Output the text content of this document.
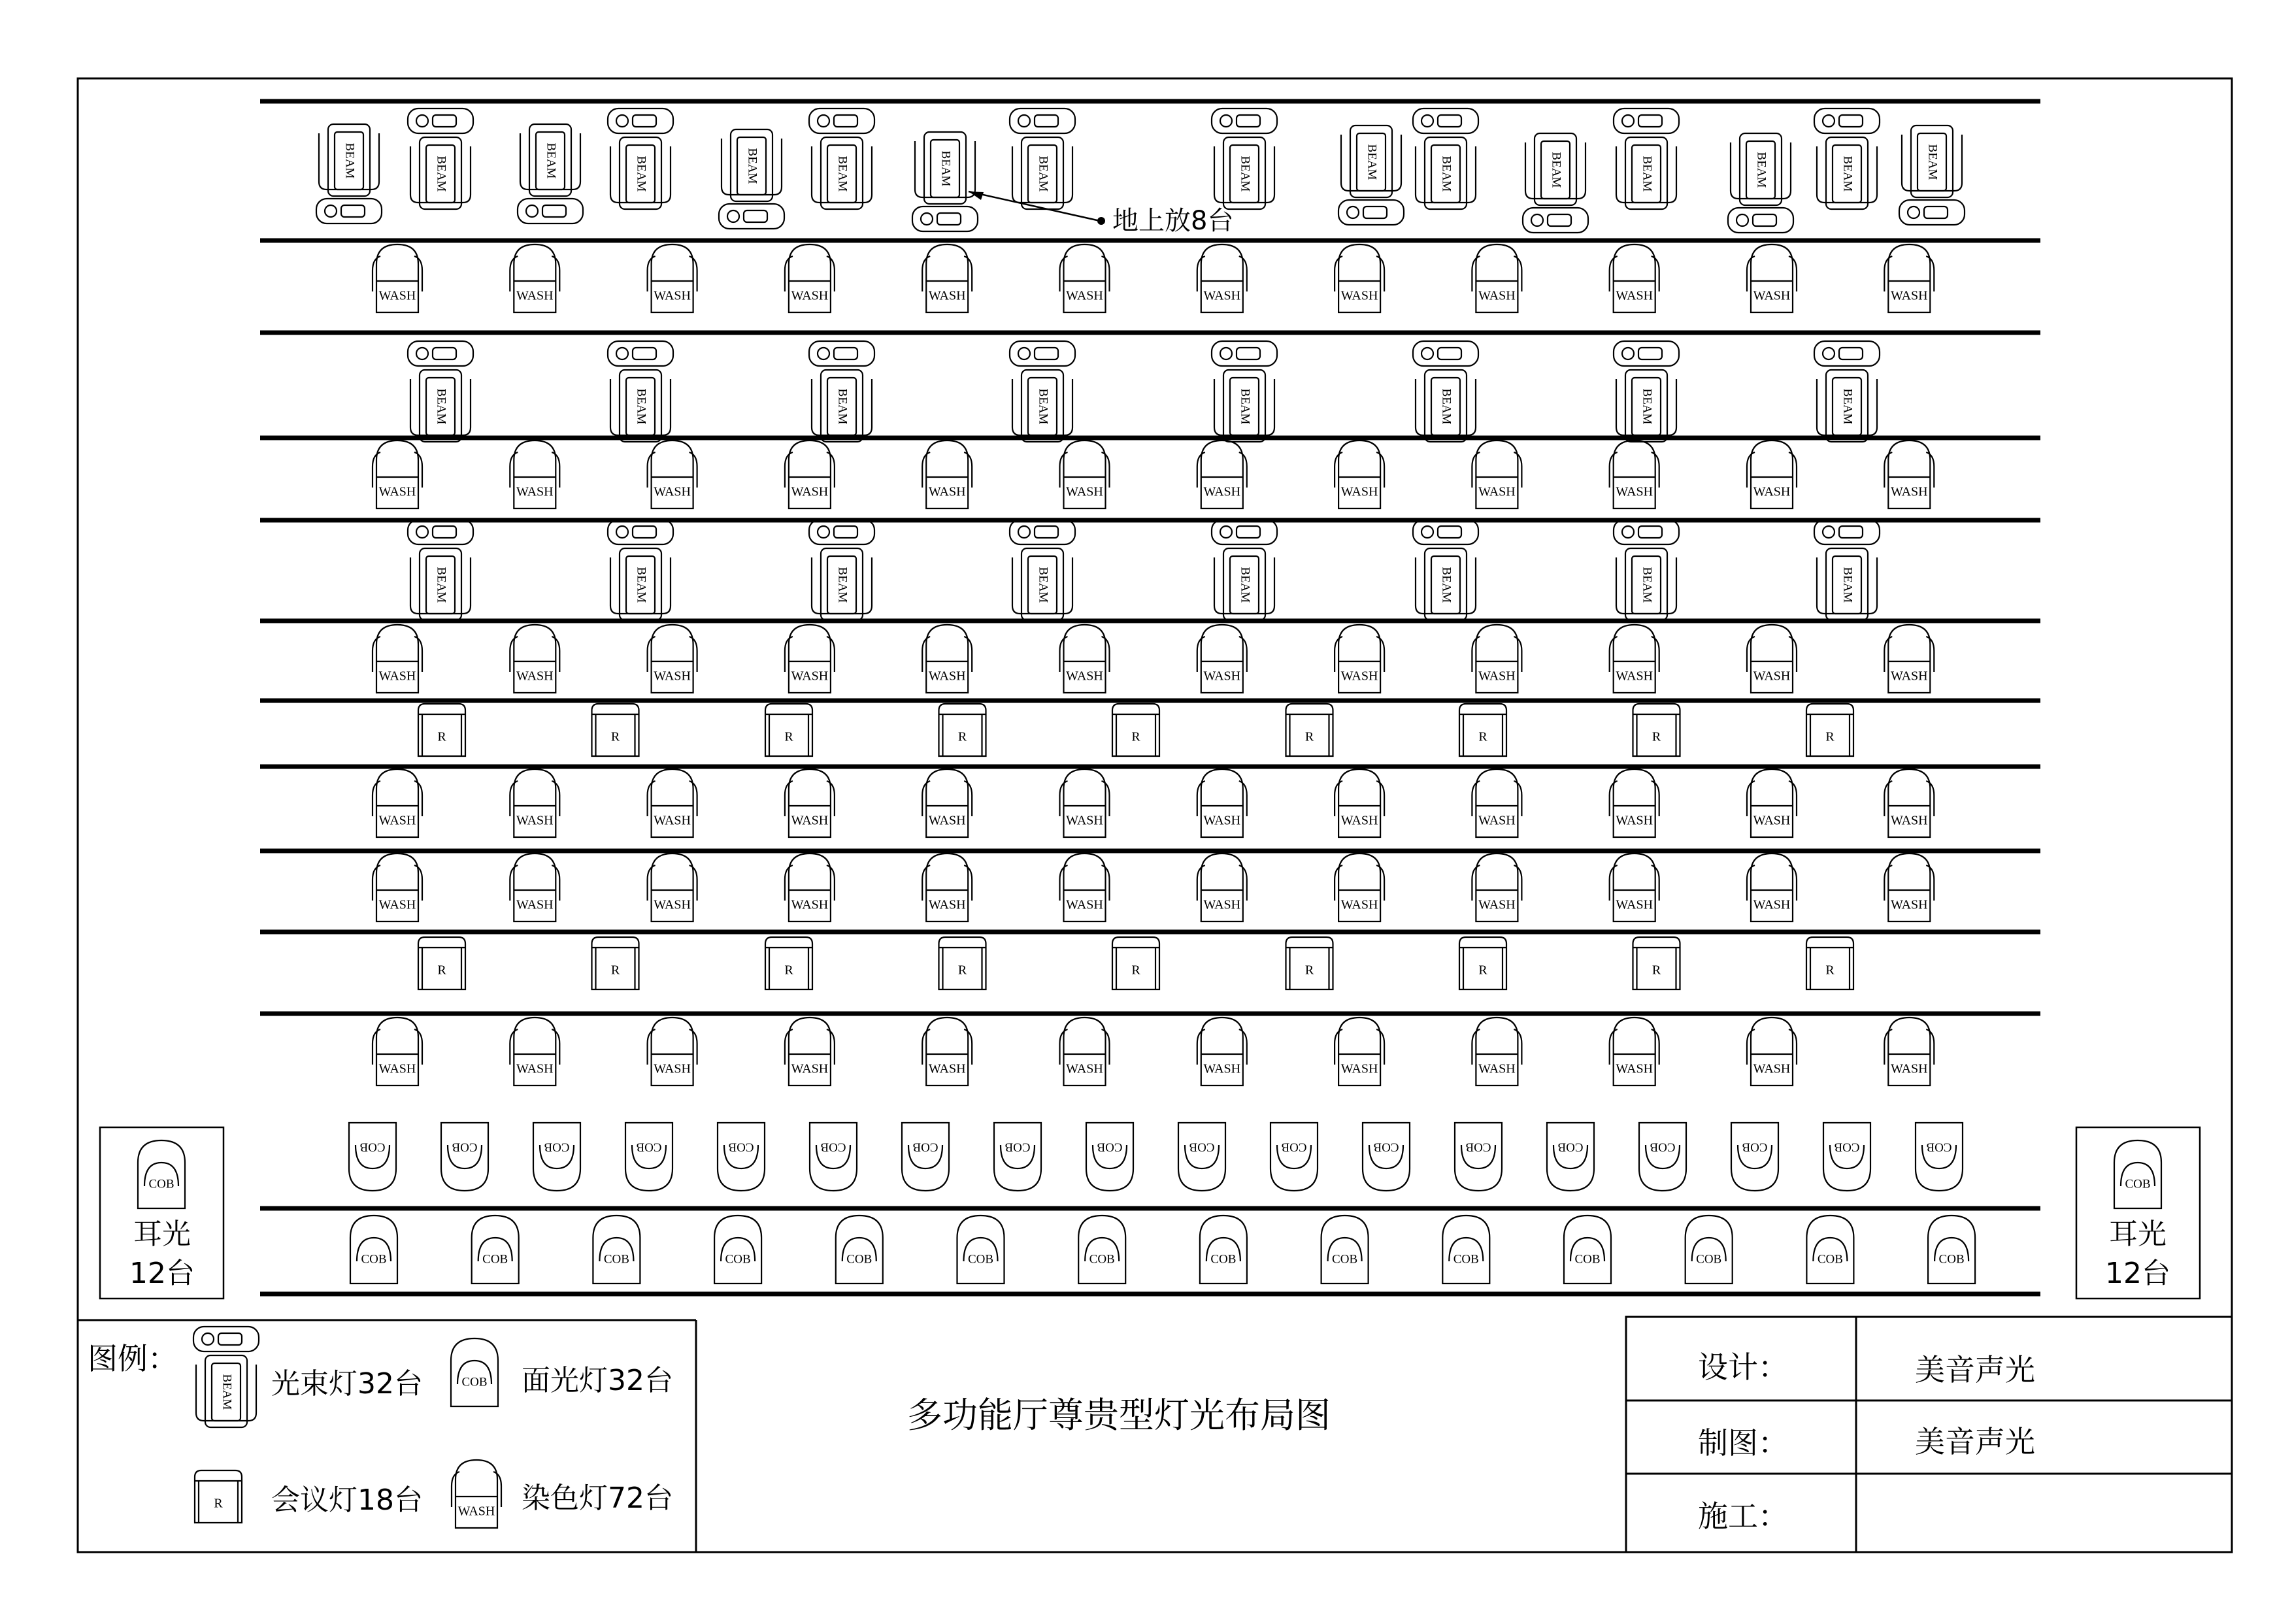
WASH	WASH	WASH	WASH	WASH	WASH	WASH	WASH	WASH	WASH	WASH	WASH
BEAM	BEAM	BEAM	BEAM	BEAM	BEAM	BEAM	BEAM
WASH	WASH	WASH	WASH	WASH	WASH	WASH	WASH	WASH	WASH	WASH	WASH
BEAM	BEAM	BEAM	BEAM	BEAM	BEAM	BEAM	BEAM
WASH	WASH	WASH	WASH	WASH	WASH	WASH	WASH	WASH	WASH	WASH	WASH
R	R	R	R	R	R	R	R	R
WASH	WASH	WASH	WASH	WASH	WASH	WASH	WASH	WASH	WASH	WASH	WASH
WASH	WASH	WASH	WASH	WASH	WASH	WASH	WASH	WASH	WASH	WASH	WASH
R	R	R	R	R	R	R	R	R
WASH	WASH	WASH	WASH	WASH	WASH	WASH	WASH	WASH	WASH	WASH	WASH
COB	COB	COB	COB	COB	COB	COB	COB	COB	COB	COB	COB	COB	COB	COB	COB	COB	COB
COB	COB	COB	COB	COB	COB	COB	COB	COB	COB	COB	COB	COB	COB
BEAM	BEAM	BEAM	BEAM	BEAM	BEAM	BEAM	BEAM	BEAM	BEAM	BEAM	BEAM	BEAM	BEAM	BEAM	BEAM
地上放8台
COB
耳光
12台
COB
耳光
12台
图例：
BEAM	COB
R
WASH
光束灯32台	面光灯32台
会议灯18台	染色灯72台
多功能厅尊贵型灯光布局图
设计：	美音声光
制图：	美音声光
施工：
